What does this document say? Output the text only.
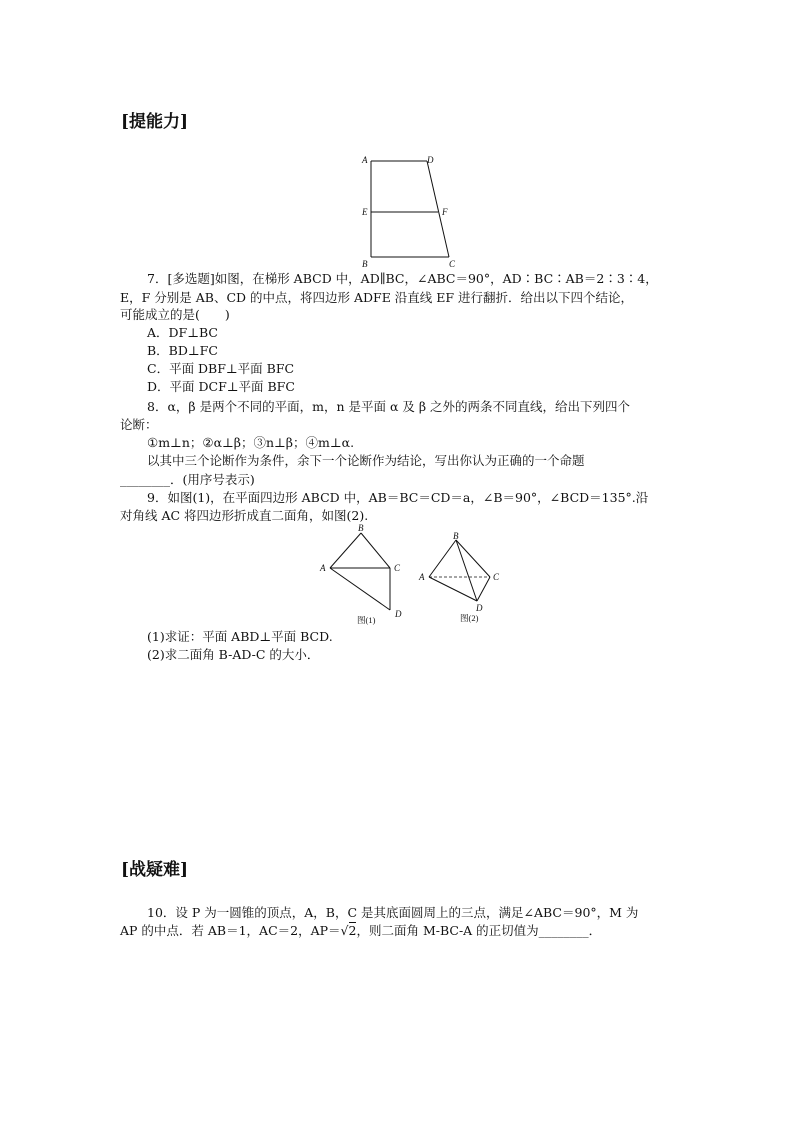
[提能力]
A	D
E	F
B	C
7．[多选题]如图，在梯形 ABCD 中，AD∥BC，∠ABC＝90°，AD∶BC∶AB＝2∶3∶4，
E，F 分别是 AB、CD 的中点，将四边形 ADFE 沿直线 EF 进行翻折．给出以下四个结论，
可能成立的是(　　)
A．DF⊥BC
B．BD⊥FC
C．平面 DBF⊥平面 BFC
D．平面 DCF⊥平面 BFC
8．α，β 是两个不同的平面，m，n 是平面 α 及 β 之外的两条不同直线，给出下列四个
论断：
①m⊥n；②α⊥β；③n⊥β；④m⊥α.
以其中三个论断作为条件，余下一个论断作为结论，写出你认为正确的一个命题
________．(用序号表示)
9．如图(1)，在平面四边形 ABCD 中，AB＝BC＝CD＝a，∠B＝90°，∠BCD＝135°.沿
对角线 AC 将四边形折成直二面角，如图(2).
B
A	C
D
图(1)
B
A	C
D
图(2)
(1)求证：平面 ABD⊥平面 BCD.
(2)求二面角 B-AD-C 的大小．
[战疑难]
10．设 P 为一圆锥的顶点，A，B，C 是其底面圆周上的三点，满足∠ABC＝90°，M 为
AP 的中点．若 AB＝1，AC＝2，AP＝√2，则二面角 M-BC-A 的正切值为________．
